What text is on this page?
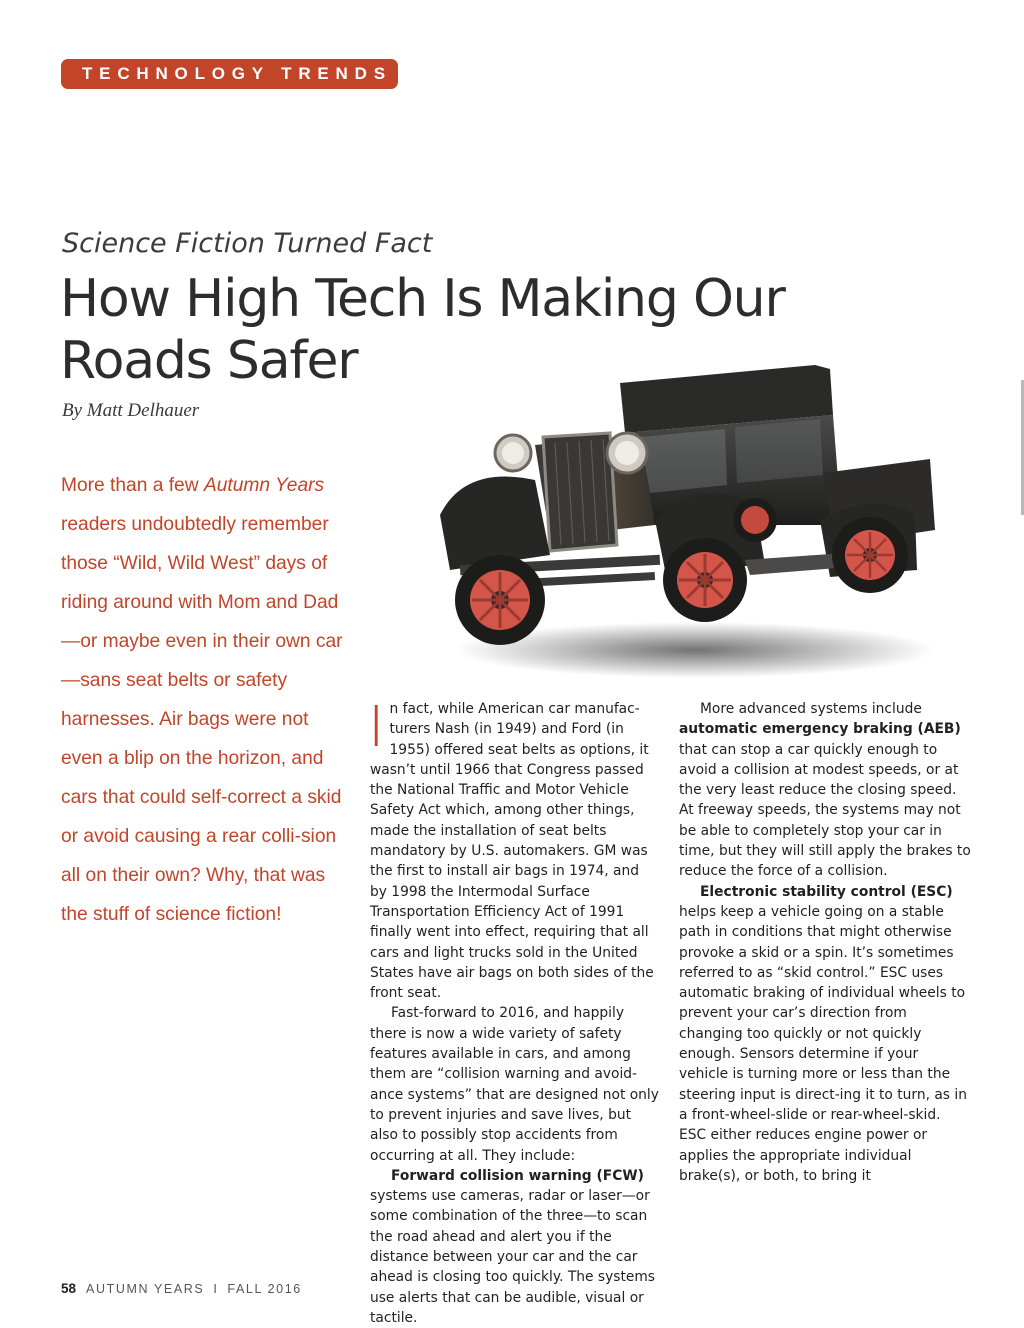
TECHNOLOGY TRENDS
Science Fiction Turned Fact
How High Tech Is Making Our
Roads Safer
By Matt Delhauer

More than a few Autumn Years readers undoubtedly remember those “Wild, Wild West” days of riding around with Mom and Dad—or maybe even in their own car—sans seat belts or safety harnesses. Air bags were not even a blip on the horizon, and cars that could self-correct a skid or avoid causing a rear colli-sion all on their own? Why, that was the stuff of science fiction!

In fact, while American car manufac-turers Nash (in 1949) and Ford (in 1955) offered seat belts as options, it wasn’t until 1966 that Congress passed the National Traffic and Motor Vehicle Safety Act which, among other things, made the installation of seat belts mandatory by U.S. automakers. GM was the first to install air bags in 1974, and by 1998 the Intermodal Surface Transportation Efficiency Act of 1991 finally went into effect, requiring that all cars and light trucks sold in the United States have air bags on both sides of the front seat.

Fast-forward to 2016, and happily there is now a wide variety of safety features available in cars, and among them are “collision warning and avoid-ance systems” that are designed not only to prevent injuries and save lives, but also to possibly stop accidents from occurring at all. They include:

Forward collision warning (FCW) systems use cameras, radar or laser—or some combination of the three—to scan the road ahead and alert you if the distance between your car and the car ahead is closing too quickly. The systems use alerts that can be audible, visual or tactile.

More advanced systems include automatic emergency braking (AEB) that can stop a car quickly enough to avoid a collision at modest speeds, or at the very least reduce the closing speed. At freeway speeds, the systems may not be able to completely stop your car in time, but they will still apply the brakes to reduce the force of a collision.

Electronic stability control (ESC) helps keep a vehicle going on a stable path in conditions that might otherwise provoke a skid or a spin. It’s sometimes referred to as “skid control.” ESC uses automatic braking of individual wheels to prevent your car’s direction from changing too quickly or not quickly enough. Sensors determine if your vehicle is turning more or less than the steering input is direct-ing it to turn, as in a front-wheel-slide or rear-wheel-skid. ESC either reduces engine power or applies the appropriate individual brake(s), or both, to bring it

58 AUTUMN YEARS I FALL 2016
